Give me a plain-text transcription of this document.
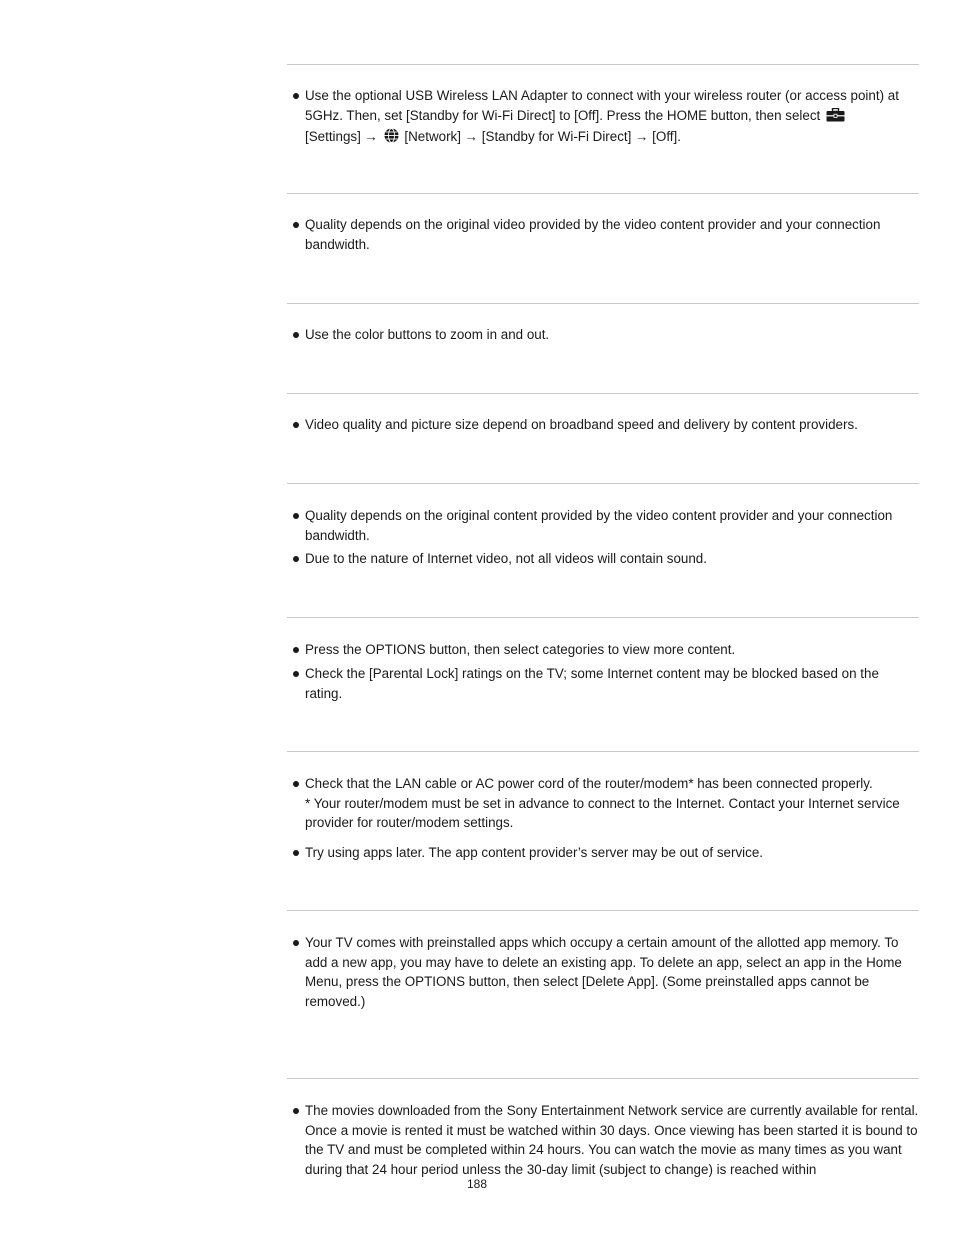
Use the optional USB Wireless LAN Adapter to connect with your wireless router (or access point) at 5GHz. Then, set [Standby for Wi-Fi Direct] to [Off]. Press the HOME button, then select
[Settings] → [Network] → [Standby for Wi-Fi Direct] → [Off].
Quality depends on the original video provided by the video content provider and your connection bandwidth.
Use the color buttons to zoom in and out.
Video quality and picture size depend on broadband speed and delivery by content providers.
Quality depends on the original content provided by the video content provider and your connection bandwidth.
Due to the nature of Internet video, not all videos will contain sound.
Press the OPTIONS button, then select categories to view more content.
Check the [Parental Lock] ratings on the TV; some Internet content may be blocked based on the rating.
Check that the LAN cable or AC power cord of the router/modem* has been connected properly.
* Your router/modem must be set in advance to connect to the Internet. Contact your Internet service provider for router/modem settings.
Try using apps later. The app content provider’s server may be out of service.
Your TV comes with preinstalled apps which occupy a certain amount of the allotted app memory. To add a new app, you may have to delete an existing app. To delete an app, select an app in the Home Menu, press the OPTIONS button, then select [Delete App]. (Some preinstalled apps cannot be removed.)
The movies downloaded from the Sony Entertainment Network service are currently available for rental. Once a movie is rented it must be watched within 30 days. Once viewing has been started it is bound to the TV and must be completed within 24 hours. You can watch the movie as many times as you want during that 24 hour period unless the 30-day limit (subject to change) is reached within
188
